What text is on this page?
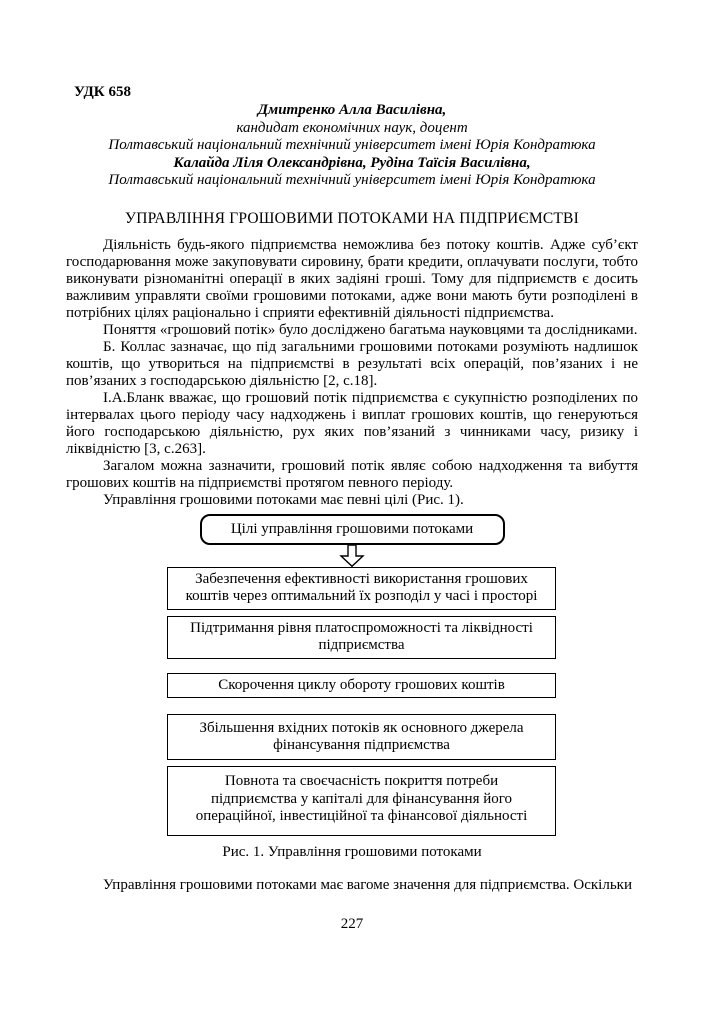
УДК 658
Дмитренко Алла Василівна,
кандидат економічних наук, доцент
Полтавський національний технічний університет імені Юрія Кондратюка
Калайда Ліля Олександрівна, Рудіна Таїсія Василівна,
Полтавський національний технічний університет імені Юрія Кондратюка
УПРАВЛІННЯ ГРОШОВИМИ ПОТОКАМИ НА ПІДПРИЄМСТВІ

Діяльність будь-якого підприємства неможлива без потоку коштів. Адже суб’єкт господарювання може закуповувати сировину, брати кредити, оплачувати послуги, тобто виконувати різноманітні операції в яких задіяні гроші. Тому для підприємств є досить важливим управляти своїми грошовими потоками, адже вони мають бути розподілені в потрібних цілях раціонально і сприяти ефективній діяльності підприємства.

Поняття «грошовий потік» було досліджено багатьма науковцями та дослідниками.

Б. Коллас зазначає, що під загальними грошовими потоками розуміють надлишок коштів, що утвориться на підприємстві в результаті всіх операцій, пов’язаних і не пов’язаних з господарською діяльністю [2, с.18].

І.А.Бланк вважає, що грошовий потік підприємства є сукупністю розподілених по інтервалах цього періоду часу надходжень і виплат грошових коштів, що генеруються його господарською діяльністю, рух яких пов’язаний з чинниками часу, ризику і ліквідністю [3, с.263].

Загалом можна зазначити, грошовий потік являє собою надходження та вибуття грошових коштів на підприємстві протягом певного періоду.

Управління грошовими потоками має певні цілі (Рис. 1).

Цілі управління грошовими потоками
Забезпечення ефективності використання грошових коштів через оптимальний їх розподіл у часі і просторі
Підтримання рівня платоспроможності та ліквідності підприємства
Скорочення циклу обороту грошових коштів
Збільшення вхідних потоків як основного джерела фінансування підприємства
Повнота та своєчасність покриття потреби підприємства у капіталі для фінансування його операційної, інвестиційної та фінансової діяльності
Рис. 1. Управління грошовими потоками
Управління грошовими потоками має вагоме значення для підприємства. Оскільки
227
